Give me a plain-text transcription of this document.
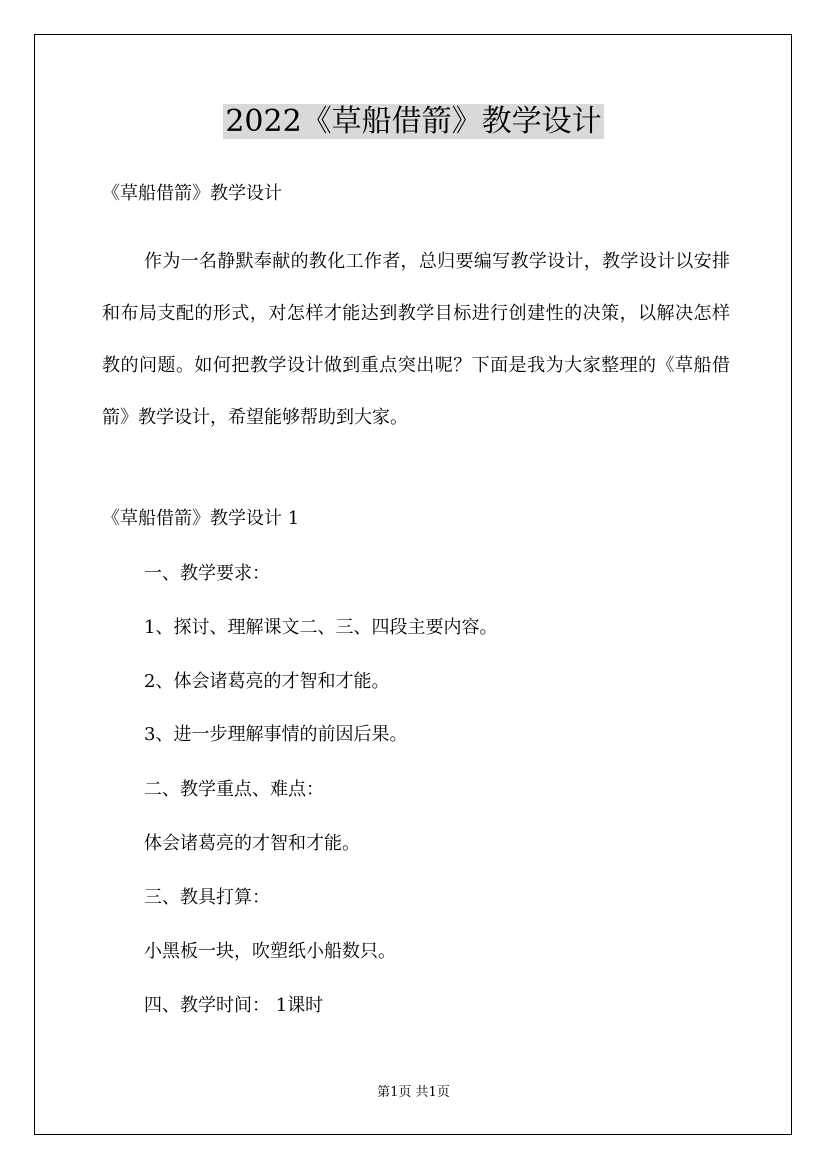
2022《草船借箭》教学设计
《草船借箭》教学设计
作为一名静默奉献的教化工作者，总归要编写教学设计，教学设计以安排和布局支配的形式，对怎样才能达到教学目标进行创建性的决策，以解决怎样教的问题。如何把教学设计做到重点突出呢？下面是我为大家整理的《草船借箭》教学设计，希望能够帮助到大家。
《草船借箭》教学设计 1
一、教学要求：
1、探讨、理解课文二、三、四段主要内容。
2、体会诸葛亮的才智和才能。
3、进一步理解事情的前因后果。
二、教学重点、难点：
体会诸葛亮的才智和才能。
三、教具打算：
小黑板一块，吹塑纸小船数只。
四、教学时间： 1课时
第1页 共1页
